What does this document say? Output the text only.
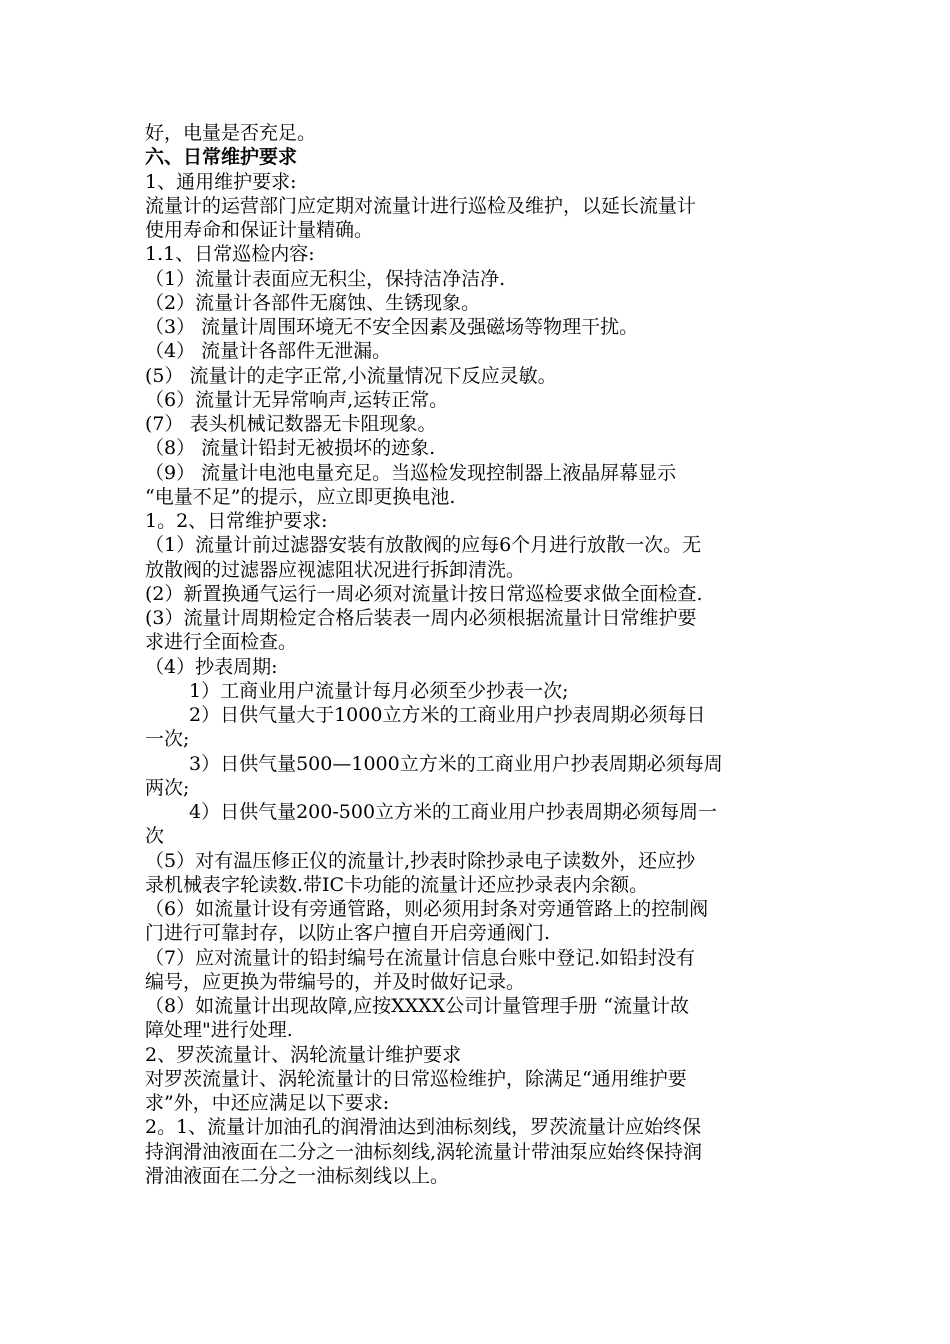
好，电量是否充足。
六、日常维护要求
1、通用维护要求:
流量计的运营部门应定期对流量计进行巡检及维护，以延长流量计
使用寿命和保证计量精确。
1.1、日常巡检内容:
（1）流量计表面应无积尘，保持洁净洁净.
（2）流量计各部件无腐蚀、生锈现象。
（3） 流量计周围环境无不安全因素及强磁场等物理干扰。
（4） 流量计各部件无泄漏。
(5） 流量计的走字正常,小流量情况下反应灵敏。
（6）流量计无异常响声,运转正常。
(7） 表头机械记数器无卡阻现象。
（8） 流量计铅封无被损坏的迹象.
（9） 流量计电池电量充足。当巡检发现控制器上液晶屏幕显示
“电量不足”的提示，应立即更换电池.
1。2、日常维护要求:
（1）流量计前过滤器安装有放散阀的应每6个月进行放散一次。无
放散阀的过滤器应视滤阻状况进行拆卸清洗。
(2）新置换通气运行一周必须对流量计按日常巡检要求做全面检查.
(3）流量计周期检定合格后装表一周内必须根据流量计日常维护要
求进行全面检查。
（4）抄表周期:
1）工商业用户流量计每月必须至少抄表一次;
2）日供气量大于1000立方米的工商业用户抄表周期必须每日
一次;
3）日供气量500—1000立方米的工商业用户抄表周期必须每周
两次;
4）日供气量200-500立方米的工商业用户抄表周期必须每周一
次
（5）对有温压修正仪的流量计,抄表时除抄录电子读数外，还应抄
录机械表字轮读数.带IC卡功能的流量计还应抄录表内余额。
（6）如流量计设有旁通管路，则必须用封条对旁通管路上的控制阀
门进行可靠封存，以防止客户擅自开启旁通阀门.
（7）应对流量计的铅封编号在流量计信息台账中登记.如铅封没有
编号，应更换为带编号的，并及时做好记录。
（8）如流量计出现故障,应按XXXX公司计量管理手册 “流量计故
障处理"进行处理.
2、罗茨流量计、涡轮流量计维护要求
对罗茨流量计、涡轮流量计的日常巡检维护，除满足“通用维护要
求”外，中还应满足以下要求:
2。1、流量计加油孔的润滑油达到油标刻线，罗茨流量计应始终保
持润滑油液面在二分之一油标刻线,涡轮流量计带油泵应始终保持润
滑油液面在二分之一油标刻线以上。
